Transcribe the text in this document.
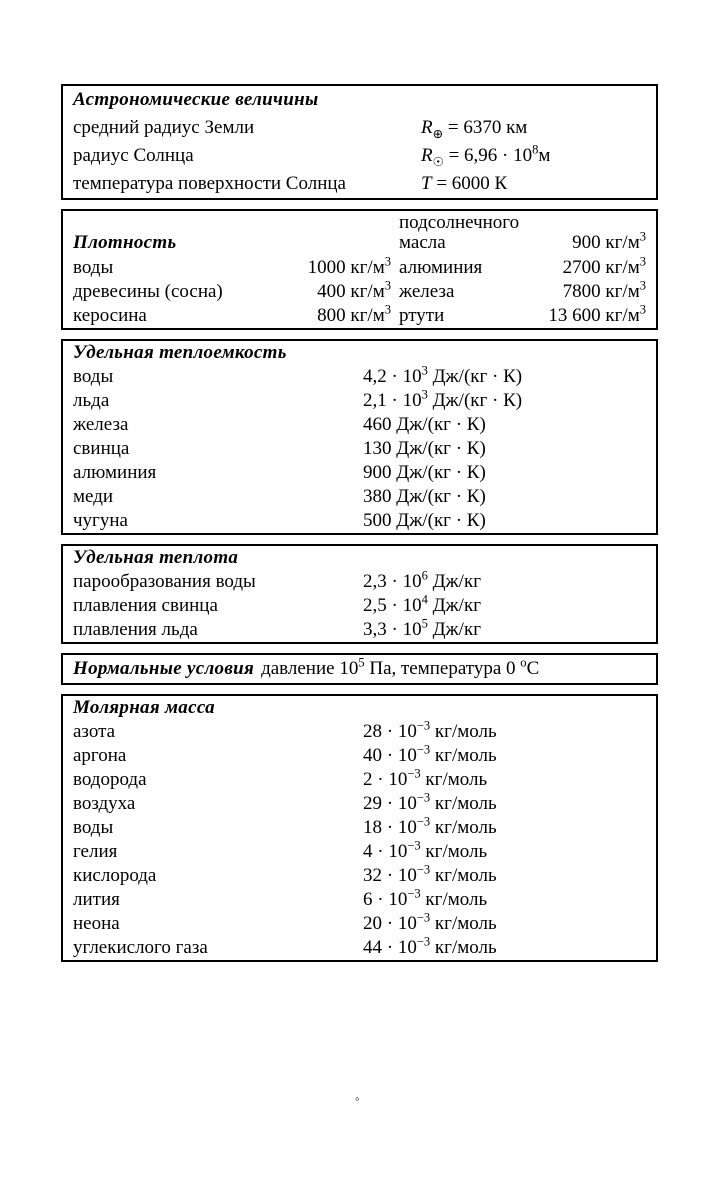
Астрономические величины
средний радиус Земли	$R_\oplus = 6370$ км
радиус Солнца	$R_☉ = 6,96 \cdot 10^8м$
температура поверхности Солнца	T = 6000 К
Плотность
подсолнечного
масла	900 $кг/м^3$
воды	1000 $кг/м^3$ алюминия	2700 $кг/м^3$
древесины (сосна)	400 $кг/м^3$ железа	7800 $кг/м^3$
керосина	800 $кг/м^3$ ртути	13 600 $кг/м^3$
Удельная теплоемкость
воды	$4,2 \cdot 10^3$ Дж/(кг · К)
льда	$2,1 \cdot 10^3$ Дж/(кг · К)
железа	460 Дж/(кг · К)
свинца	130 Дж/(кг · К)
алюминия	900 Дж/(кг · К)
меди	380 Дж/(кг · К)
чугуна	500 Дж/(кг · К)
Удельная теплота
парообразования воды	$2,3 \cdot 10^6$ Дж/кг
плавления свинца	$2,5 \cdot 10^4$ Дж/кг
плавления льда	$3,3 \cdot 10^5$ Дж/кг
Нормальные условия давление $10^5$ Па, температура 0 $^o$С
Молярная масса
азота	$28 \cdot 10^{-3}$ кг/моль
аргона	$40 \cdot 10^{-3}$ кг/моль
водорода	$2 \cdot 10^{-3}$ кг/моль
воздуха	$29 \cdot 10^{-3}$ кг/моль
воды	$18 \cdot 10^{-3}$ кг/моль
гелия	$4 \cdot 10^{-3}$ кг/моль
кислорода	$32 \cdot 10^{-3}$ кг/моль
лития	$6 \cdot 10^{-3}$ кг/моль
неона	$20 \cdot 10^{-3}$ кг/моль
углекислого газа	$44 \cdot 10^{-3}$ кг/моль
◦
